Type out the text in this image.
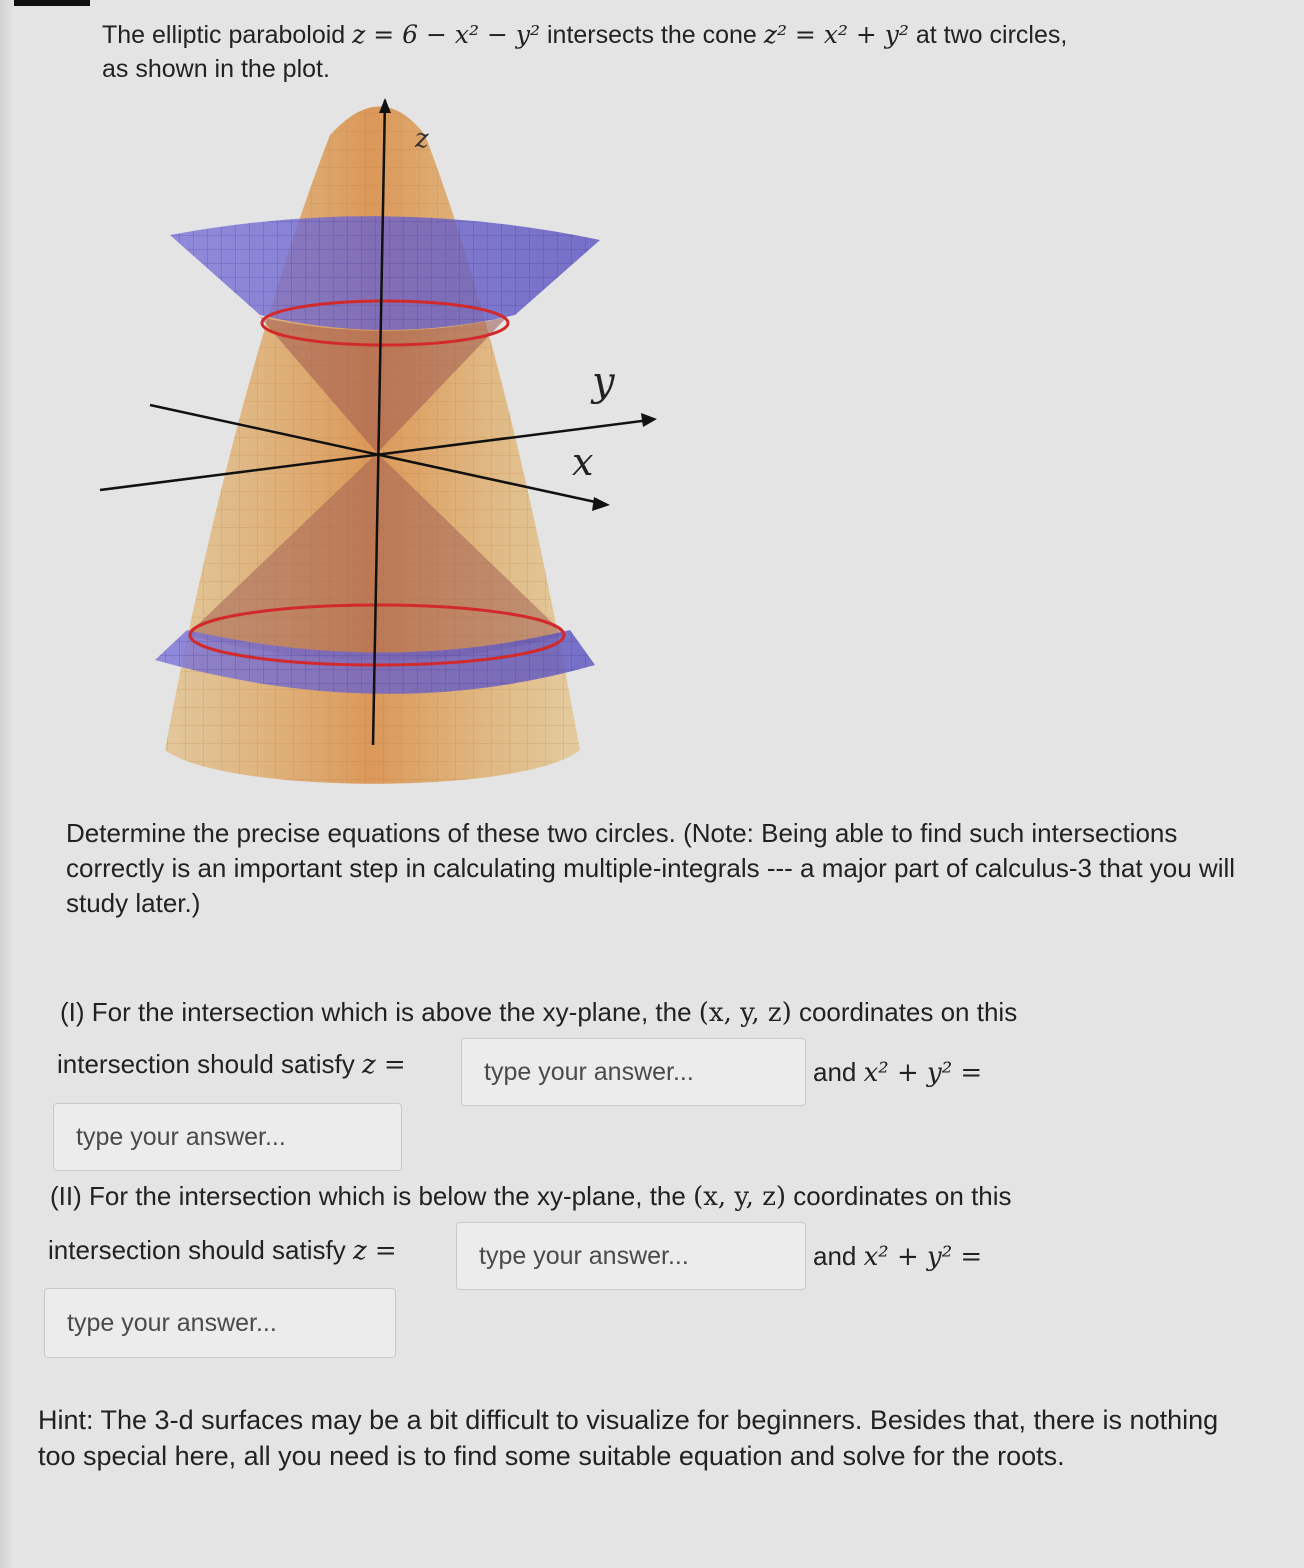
The elliptic paraboloid z = 6 − x² − y² intersects the cone z² = x² + y² at two circles,
as shown in the plot.
z
y
x
Determine the precise equations of these two circles. (Note: Being able to find such intersections correctly is an important step in calculating multiple-integrals --- a major part of calculus-3 that you will study later.)
(I) For the intersection which is above the xy-plane, the (x, y, z) coordinates on this
intersection should satisfy z =
type your answer...	and x² + y² =
type your answer...
(II) For the intersection which is below the xy-plane, the (x, y, z) coordinates on this
intersection should satisfy z =
type your answer...	and x² + y² =
type your answer...
Hint: The 3-d surfaces may be a bit difficult to visualize for beginners. Besides that, there is nothing too special here, all you need is to find some suitable equation and solve for the roots.
